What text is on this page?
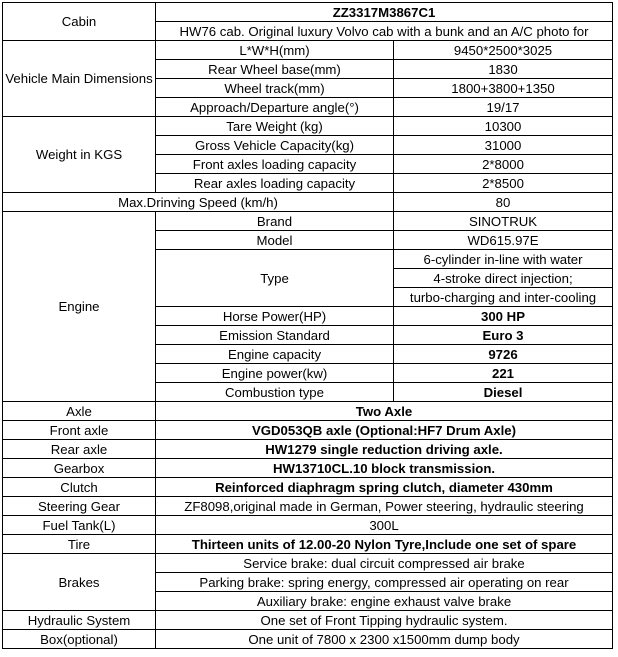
Cabin	ZZ3317M3867C1	
	HW76 cab. Original luxury Volvo cab with a bunk and an A/C photo for	
Vehicle Main Dimensions	L*W*H(mm)	9450*2500*3025
	Rear Wheel base(mm)	1830
	Wheel track(mm)	1800+3800+1350
	Approach/Departure angle(°)	19/17
Weight in KGS	Tare Weight (kg)	10300
	Gross Vehicle Capacity(kg)	31000
	Front axles loading capacity	2*8000
	Rear axles loading capacity	2*8500
Max.Drinving Speed (km/h)		80
Engine	Brand	SINOTRUK
	Model	WD615.97E
	Type	6-cylinder in-line with water
		4-stroke direct injection;
		turbo-charging and inter-cooling
	Horse Power(HP)	300 HP
	Emission Standard	Euro 3
	Engine capacity	9726
	Engine power(kw)	221
	Combustion type	Diesel
Axle	Two Axle	
Front axle	VGD053QB axle (Optional:HF7 Drum Axle)	
Rear axle	HW1279 single reduction driving axle.	
Gearbox	HW13710CL.10 block transmission.	
Clutch	Reinforced diaphragm spring clutch, diameter 430mm	
Steering Gear	ZF8098,original made in German, Power steering, hydraulic steering	
Fuel Tank(L)	300L	
Tire	Thirteen units of 12.00-20 Nylon Tyre,Include one set of spare	
Brakes	Service brake: dual circuit compressed air brake	
	Parking brake: spring energy, compressed air operating on rear	
	Auxiliary brake: engine exhaust valve brake	
Hydraulic System	One set of Front Tipping hydraulic system.	
Box(optional)	One unit of 7800 x 2300 x1500mm dump body	
